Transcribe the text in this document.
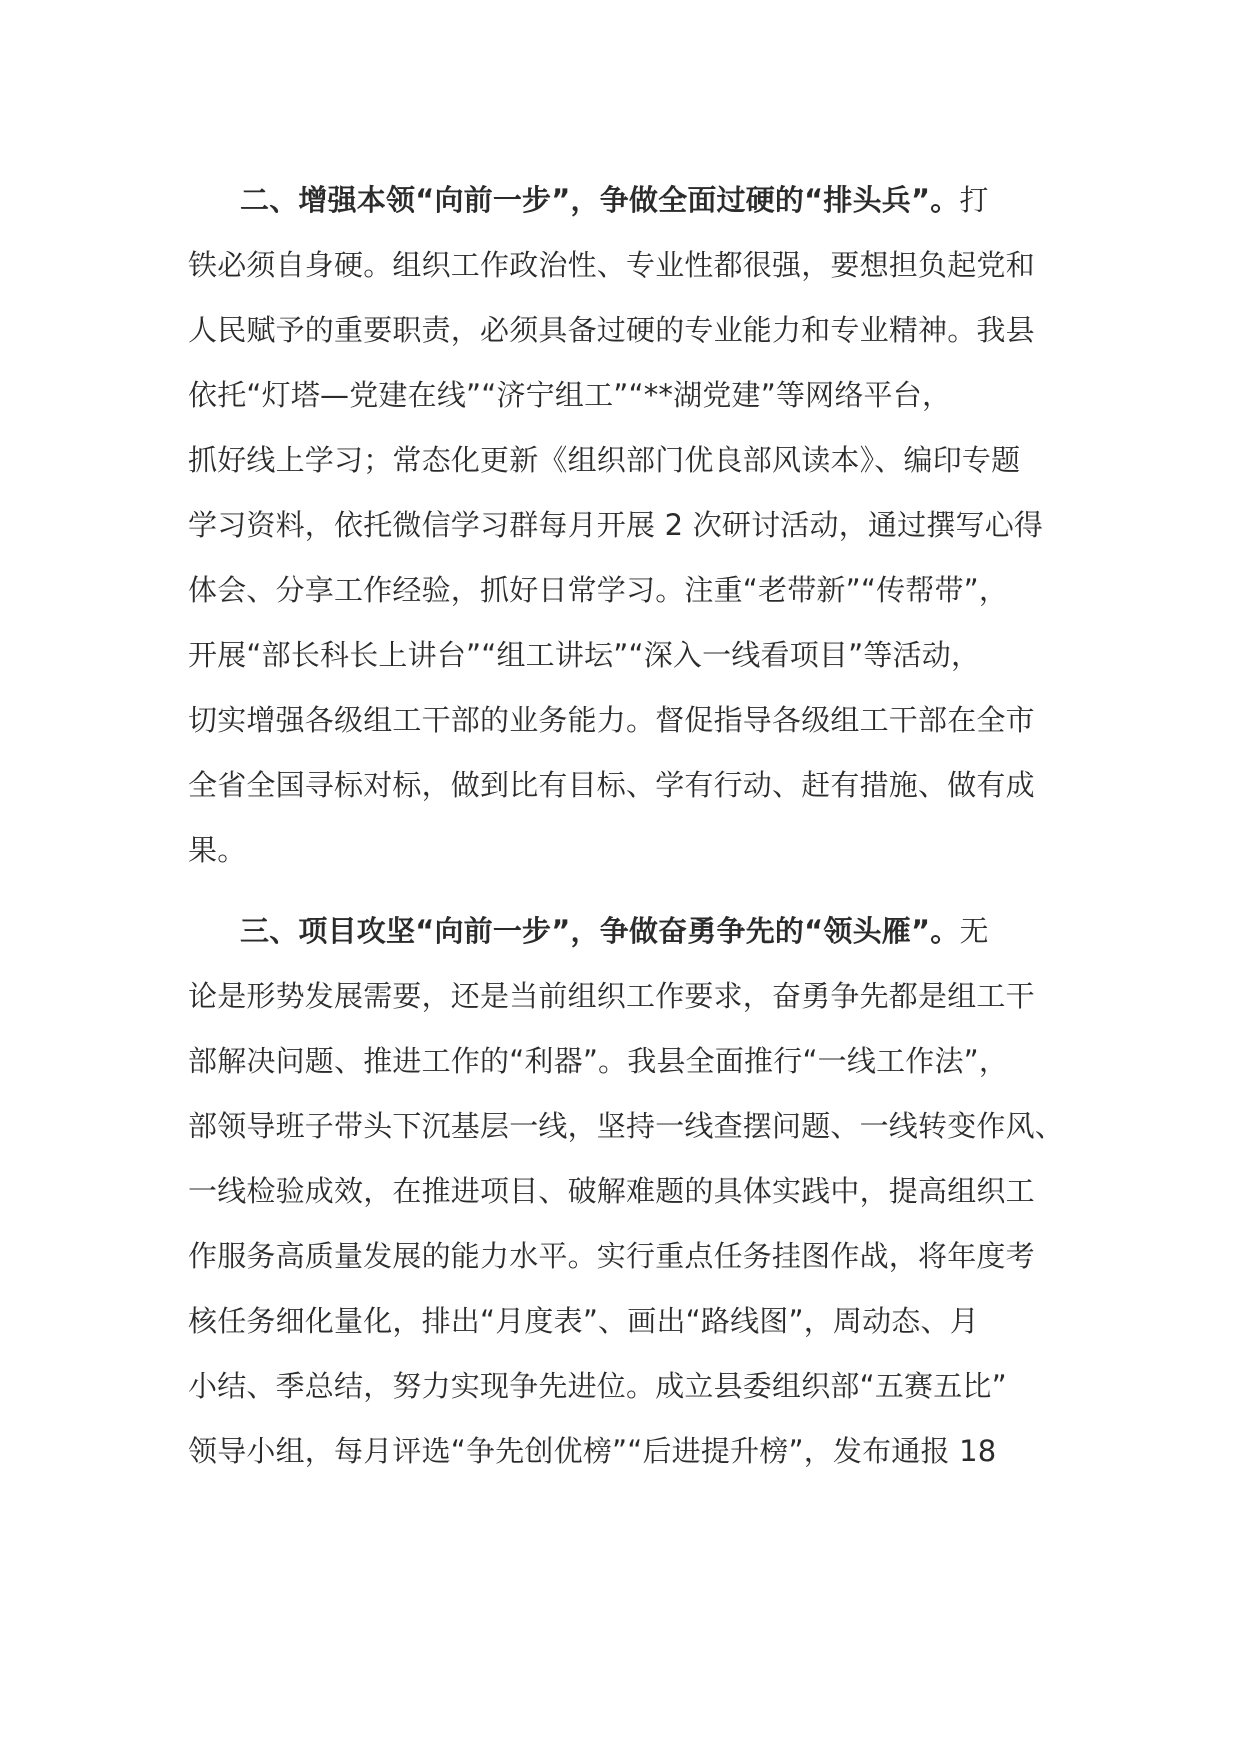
二、增强本领“向前一步”，争做全面过硬的“排头兵”。打
铁必须自身硬。组织工作政治性、专业性都很强，要想担负起党和
人民赋予的重要职责，必须具备过硬的专业能力和专业精神。我县
依托“灯塔—党建在线”“济宁组工”“**湖党建”等网络平台，
抓好线上学习；常态化更新《组织部门优良部风读本》、编印专题
学习资料，依托微信学习群每月开展 2 次研讨活动，通过撰写心得
体会、分享工作经验，抓好日常学习。注重“老带新”“传帮带”，
开展“部长科长上讲台”“组工讲坛”“深入一线看项目”等活动，
切实增强各级组工干部的业务能力。督促指导各级组工干部在全市
全省全国寻标对标，做到比有目标、学有行动、赶有措施、做有成
果。

三、项目攻坚“向前一步”，争做奋勇争先的“领头雁”。无
论是形势发展需要，还是当前组织工作要求，奋勇争先都是组工干
部解决问题、推进工作的“利器”。我县全面推行“一线工作法”，
部领导班子带头下沉基层一线，坚持一线查摆问题、一线转变作风、
一线检验成效，在推进项目、破解难题的具体实践中，提高组织工
作服务高质量发展的能力水平。实行重点任务挂图作战，将年度考
核任务细化量化，排出“月度表”、画出“路线图”，周动态、月
小结、季总结，努力实现争先进位。成立县委组织部“五赛五比”
领导小组，每月评选“争先创优榜”“后进提升榜”，发布通报 18
